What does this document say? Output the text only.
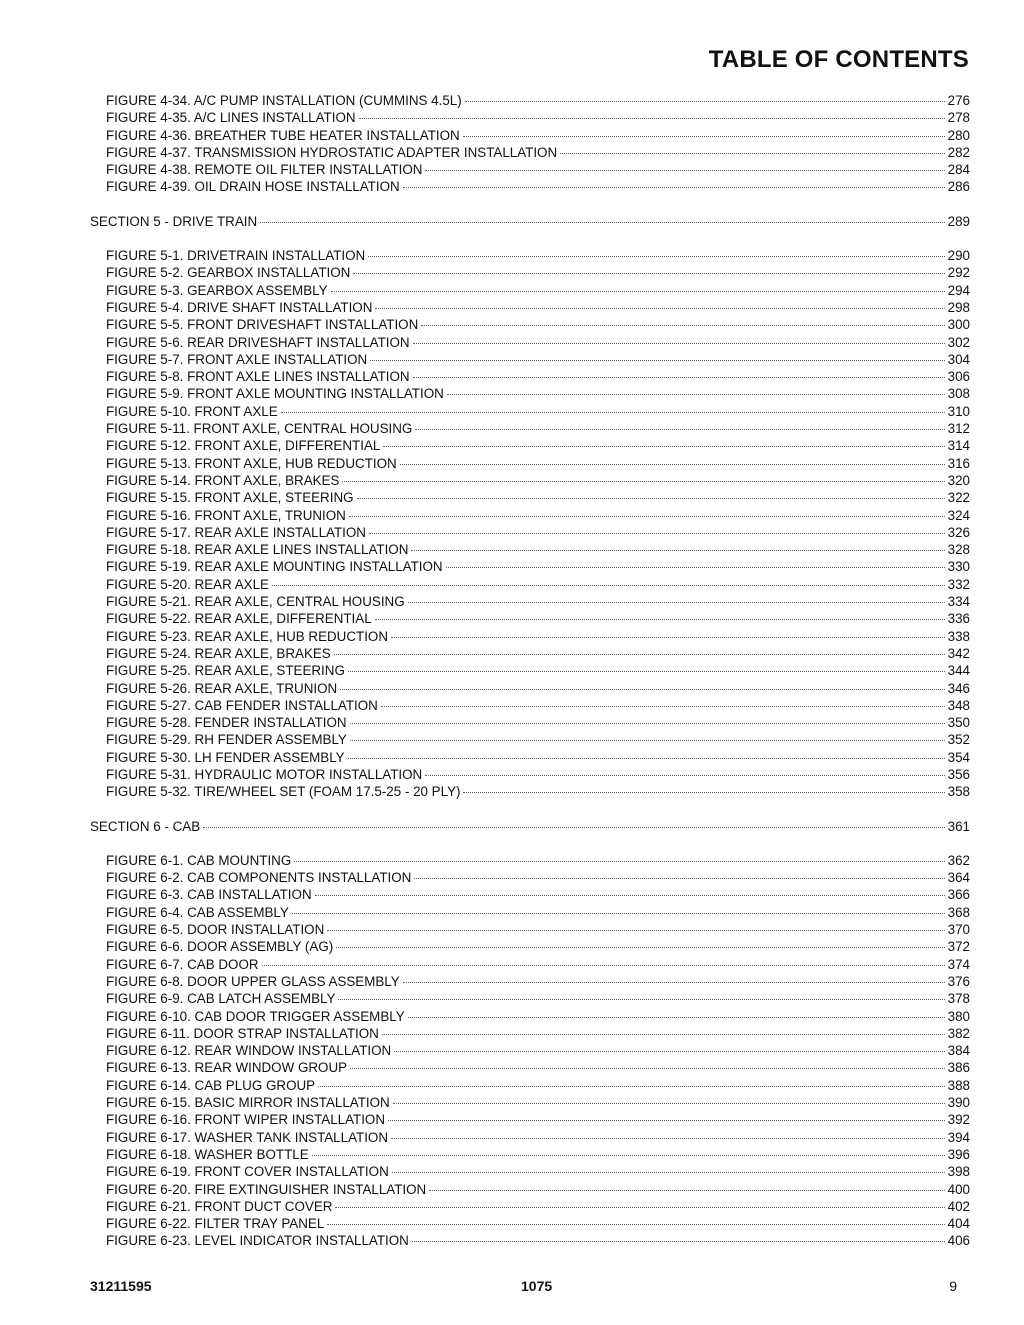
TABLE OF CONTENTS
FIGURE 4-34. A/C PUMP INSTALLATION (CUMMINS 4.5L)	276
FIGURE 4-35. A/C LINES INSTALLATION	278
FIGURE 4-36. BREATHER TUBE HEATER INSTALLATION	280
FIGURE 4-37. TRANSMISSION HYDROSTATIC ADAPTER INSTALLATION	282
FIGURE 4-38. REMOTE OIL FILTER INSTALLATION	284
FIGURE 4-39. OIL DRAIN HOSE INSTALLATION	286
SECTION 5 - DRIVE TRAIN	289
FIGURE 5-1. DRIVETRAIN INSTALLATION	290
FIGURE 5-2. GEARBOX INSTALLATION	292
FIGURE 5-3. GEARBOX ASSEMBLY	294
FIGURE 5-4. DRIVE SHAFT INSTALLATION	298
FIGURE 5-5. FRONT DRIVESHAFT INSTALLATION	300
FIGURE 5-6. REAR DRIVESHAFT INSTALLATION	302
FIGURE 5-7. FRONT AXLE INSTALLATION	304
FIGURE 5-8. FRONT AXLE LINES INSTALLATION	306
FIGURE 5-9. FRONT AXLE MOUNTING INSTALLATION	308
FIGURE 5-10. FRONT AXLE	310
FIGURE 5-11. FRONT AXLE, CENTRAL HOUSING	312
FIGURE 5-12. FRONT AXLE, DIFFERENTIAL	314
FIGURE 5-13. FRONT AXLE, HUB REDUCTION	316
FIGURE 5-14. FRONT AXLE, BRAKES	320
FIGURE 5-15. FRONT AXLE, STEERING	322
FIGURE 5-16. FRONT AXLE, TRUNION	324
FIGURE 5-17. REAR AXLE INSTALLATION	326
FIGURE 5-18. REAR AXLE LINES INSTALLATION	328
FIGURE 5-19. REAR AXLE MOUNTING INSTALLATION	330
FIGURE 5-20. REAR AXLE	332
FIGURE 5-21. REAR AXLE, CENTRAL HOUSING	334
FIGURE 5-22. REAR AXLE, DIFFERENTIAL	336
FIGURE 5-23. REAR AXLE, HUB REDUCTION	338
FIGURE 5-24. REAR AXLE, BRAKES	342
FIGURE 5-25. REAR AXLE, STEERING	344
FIGURE 5-26. REAR AXLE, TRUNION	346
FIGURE 5-27. CAB FENDER INSTALLATION	348
FIGURE 5-28. FENDER INSTALLATION	350
FIGURE 5-29. RH FENDER ASSEMBLY	352
FIGURE 5-30. LH FENDER ASSEMBLY	354
FIGURE 5-31. HYDRAULIC MOTOR INSTALLATION	356
FIGURE 5-32. TIRE/WHEEL SET (FOAM 17.5-25 - 20 PLY)	358
SECTION 6 - CAB	361
FIGURE 6-1. CAB MOUNTING	362
FIGURE 6-2. CAB COMPONENTS INSTALLATION	364
FIGURE 6-3. CAB INSTALLATION	366
FIGURE 6-4. CAB ASSEMBLY	368
FIGURE 6-5. DOOR INSTALLATION	370
FIGURE 6-6. DOOR ASSEMBLY (AG)	372
FIGURE 6-7. CAB DOOR	374
FIGURE 6-8. DOOR UPPER GLASS ASSEMBLY	376
FIGURE 6-9. CAB LATCH ASSEMBLY	378
FIGURE 6-10. CAB DOOR TRIGGER ASSEMBLY	380
FIGURE 6-11. DOOR STRAP INSTALLATION	382
FIGURE 6-12. REAR WINDOW INSTALLATION	384
FIGURE 6-13. REAR WINDOW GROUP	386
FIGURE 6-14. CAB PLUG GROUP	388
FIGURE 6-15. BASIC MIRROR INSTALLATION	390
FIGURE 6-16. FRONT WIPER INSTALLATION	392
FIGURE 6-17. WASHER TANK INSTALLATION	394
FIGURE 6-18. WASHER BOTTLE	396
FIGURE 6-19. FRONT COVER INSTALLATION	398
FIGURE 6-20. FIRE EXTINGUISHER INSTALLATION	400
FIGURE 6-21. FRONT DUCT COVER	402
FIGURE 6-22. FILTER TRAY PANEL	404
FIGURE 6-23. LEVEL INDICATOR INSTALLATION	406
31211595	1075	9
